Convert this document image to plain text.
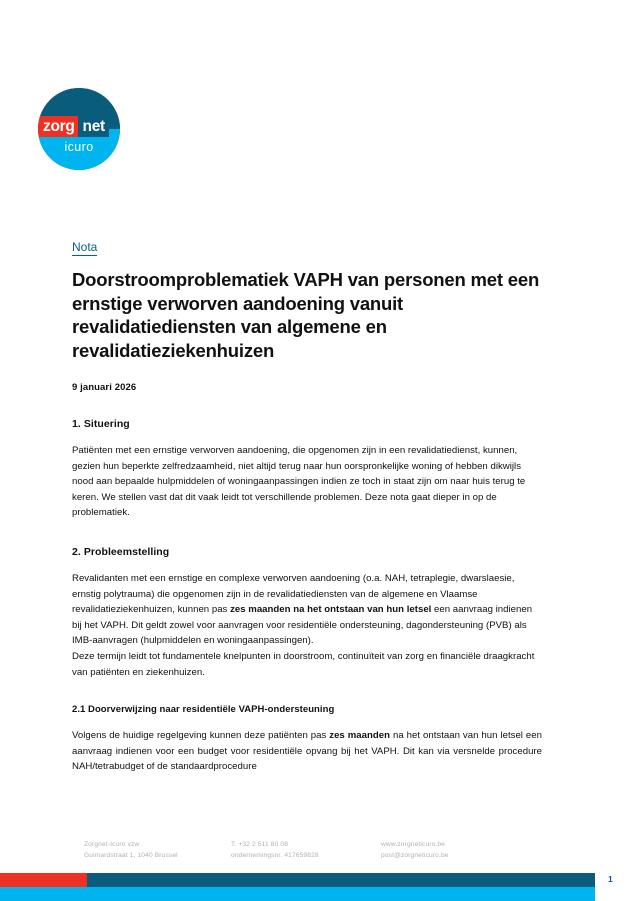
zorg net
icuro
Nota
Doorstroomproblematiek VAPH van personen met een ernstige verworven aandoening vanuit revalidatiediensten van algemene en revalidatieziekenhuizen
9 januari 2026
1. Situering

Patiënten met een ernstige verworven aandoening, die opgenomen zijn in een revalidatiedienst, kunnen, gezien hun beperkte zelfredzaamheid, niet altijd terug naar hun oorspronkelijke woning of hebben dikwijls nood aan bepaalde hulpmiddelen of woningaanpassingen indien ze toch in staat zijn om naar huis terug te keren. We stellen vast dat dit vaak leidt tot verschillende problemen. Deze nota gaat dieper in op de problematiek.

2. Probleemstelling

Revalidanten met een ernstige en complexe verworven aandoening (o.a. NAH, tetraplegie, dwarslaesie, ernstig polytrauma) die opgenomen zijn in de revalidatiediensten van de algemene en Vlaamse revalidatieziekenhuizen, kunnen pas zes maanden na het ontstaan van hun letsel een aanvraag indienen bij het VAPH. Dit geldt zowel voor aanvragen voor residentiële ondersteuning, dagondersteuning (PVB) als IMB-aanvragen (hulpmiddelen en woningaanpassingen).
Deze termijn leidt tot fundamentele knelpunten in doorstroom, continuïteit van zorg en financiële draagkracht van patiënten en ziekenhuizen.

2.1 Doorverwijzing naar residentiële VAPH-ondersteuning

Volgens de huidige regelgeving kunnen deze patiënten pas zes maanden na het ontstaan van hun letsel een aanvraag indienen voor een budget voor residentiële opvang bij het VAPH. Dit kan via versnelde procedure NAH/tetrabudget of de standaardprocedure

Zorgnet-Icuro vzw
Guimardstraat 1, 1040 Brussel
T. +32 2 511 80 08
ondernemingsnr. 417659828
www.zorgneticuro.be
post@zorgneticuro.be
1
